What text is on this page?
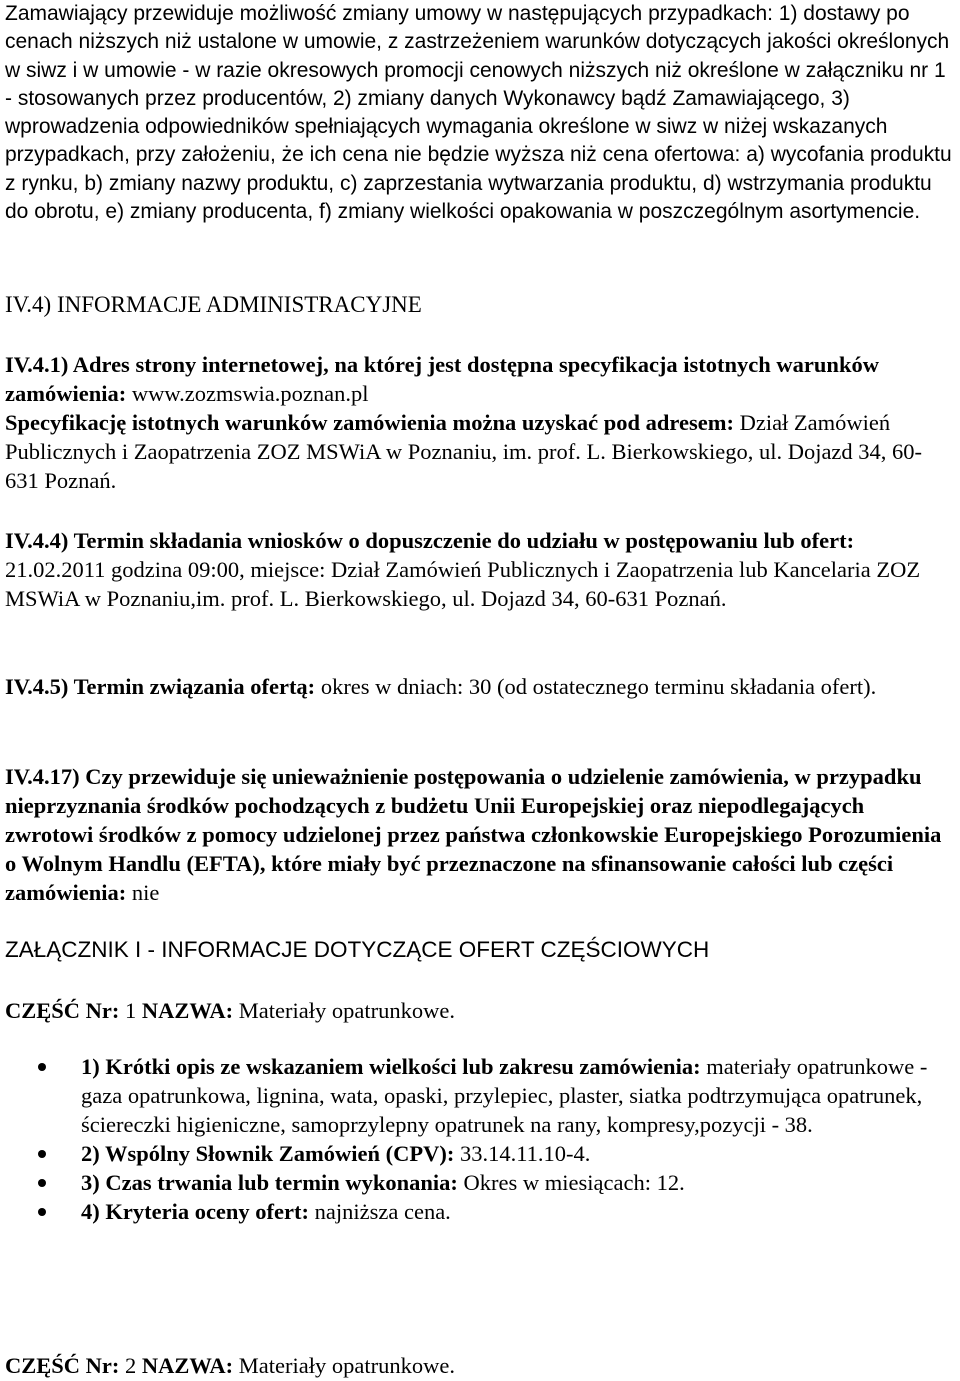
Zamawiający przewiduje możliwość zmiany umowy w następujących przypadkach: 1) dostawy po cenach niższych niż ustalone w umowie, z zastrzeżeniem warunków dotyczących jakości określonych w siwz i w umowie - w razie okresowych promocji cenowych niższych niż określone w załączniku nr 1 - stosowanych przez producentów, 2) zmiany danych Wykonawcy bądź Zamawiającego, 3) wprowadzenia odpowiedników spełniających wymagania określone w siwz w niżej wskazanych przypadkach, przy założeniu, że ich cena nie będzie wyższa niż cena ofertowa: a) wycofania produktu z rynku, b) zmiany nazwy produktu, c) zaprzestania wytwarzania produktu, d) wstrzymania produktu do obrotu, e) zmiany producenta, f) zmiany wielkości opakowania w poszczególnym asortymencie.

IV.4) INFORMACJE ADMINISTRACYJNE

IV.4.1) Adres strony internetowej, na której jest dostępna specyfikacja istotnych warunków zamówienia: www.zozmswia.poznan.pl

Specyfikację istotnych warunków zamówienia można uzyskać pod adresem: Dział Zamówień Publicznych i Zaopatrzenia ZOZ MSWiA w Poznaniu, im. prof. L. Bierkowskiego, ul. Dojazd 34, 60-631 Poznań.

IV.4.4) Termin składania wniosków o dopuszczenie do udziału w postępowaniu lub ofert: 21.02.2011 godzina 09:00, miejsce: Dział Zamówień Publicznych i Zaopatrzenia lub Kancelaria ZOZ MSWiA w Poznaniu,im. prof. L. Bierkowskiego, ul. Dojazd 34, 60-631 Poznań.

IV.4.5) Termin związania ofertą: okres w dniach: 30 (od ostatecznego terminu składania ofert).

IV.4.17) Czy przewiduje się unieważnienie postępowania o udzielenie zamówienia, w przypadku nieprzyznania środków pochodzących z budżetu Unii Europejskiej oraz niepodlegających zwrotowi środków z pomocy udzielonej przez państwa członkowskie Europejskiego Porozumienia o Wolnym Handlu (EFTA), które miały być przeznaczone na sfinansowanie całości lub części zamówienia: nie

ZAŁĄCZNIK I - INFORMACJE DOTYCZĄCE OFERT CZĘŚCIOWYCH

CZĘŚĆ Nr: 1 NAZWA: Materiały opatrunkowe.

1) Krótki opis ze wskazaniem wielkości lub zakresu zamówienia: materiały opatrunkowe - gaza opatrunkowa, lignina, wata, opaski, przylepiec, plaster, siatka podtrzymująca opatrunek, ściereczki higieniczne, samoprzylepny opatrunek na rany, kompresy,pozycji - 38.
2) Wspólny Słownik Zamówień (CPV): 33.14.11.10-4.
3) Czas trwania lub termin wykonania: Okres w miesiącach: 12.
4) Kryteria oceny ofert: najniższa cena.

CZĘŚĆ Nr: 2 NAZWA: Materiały opatrunkowe.
